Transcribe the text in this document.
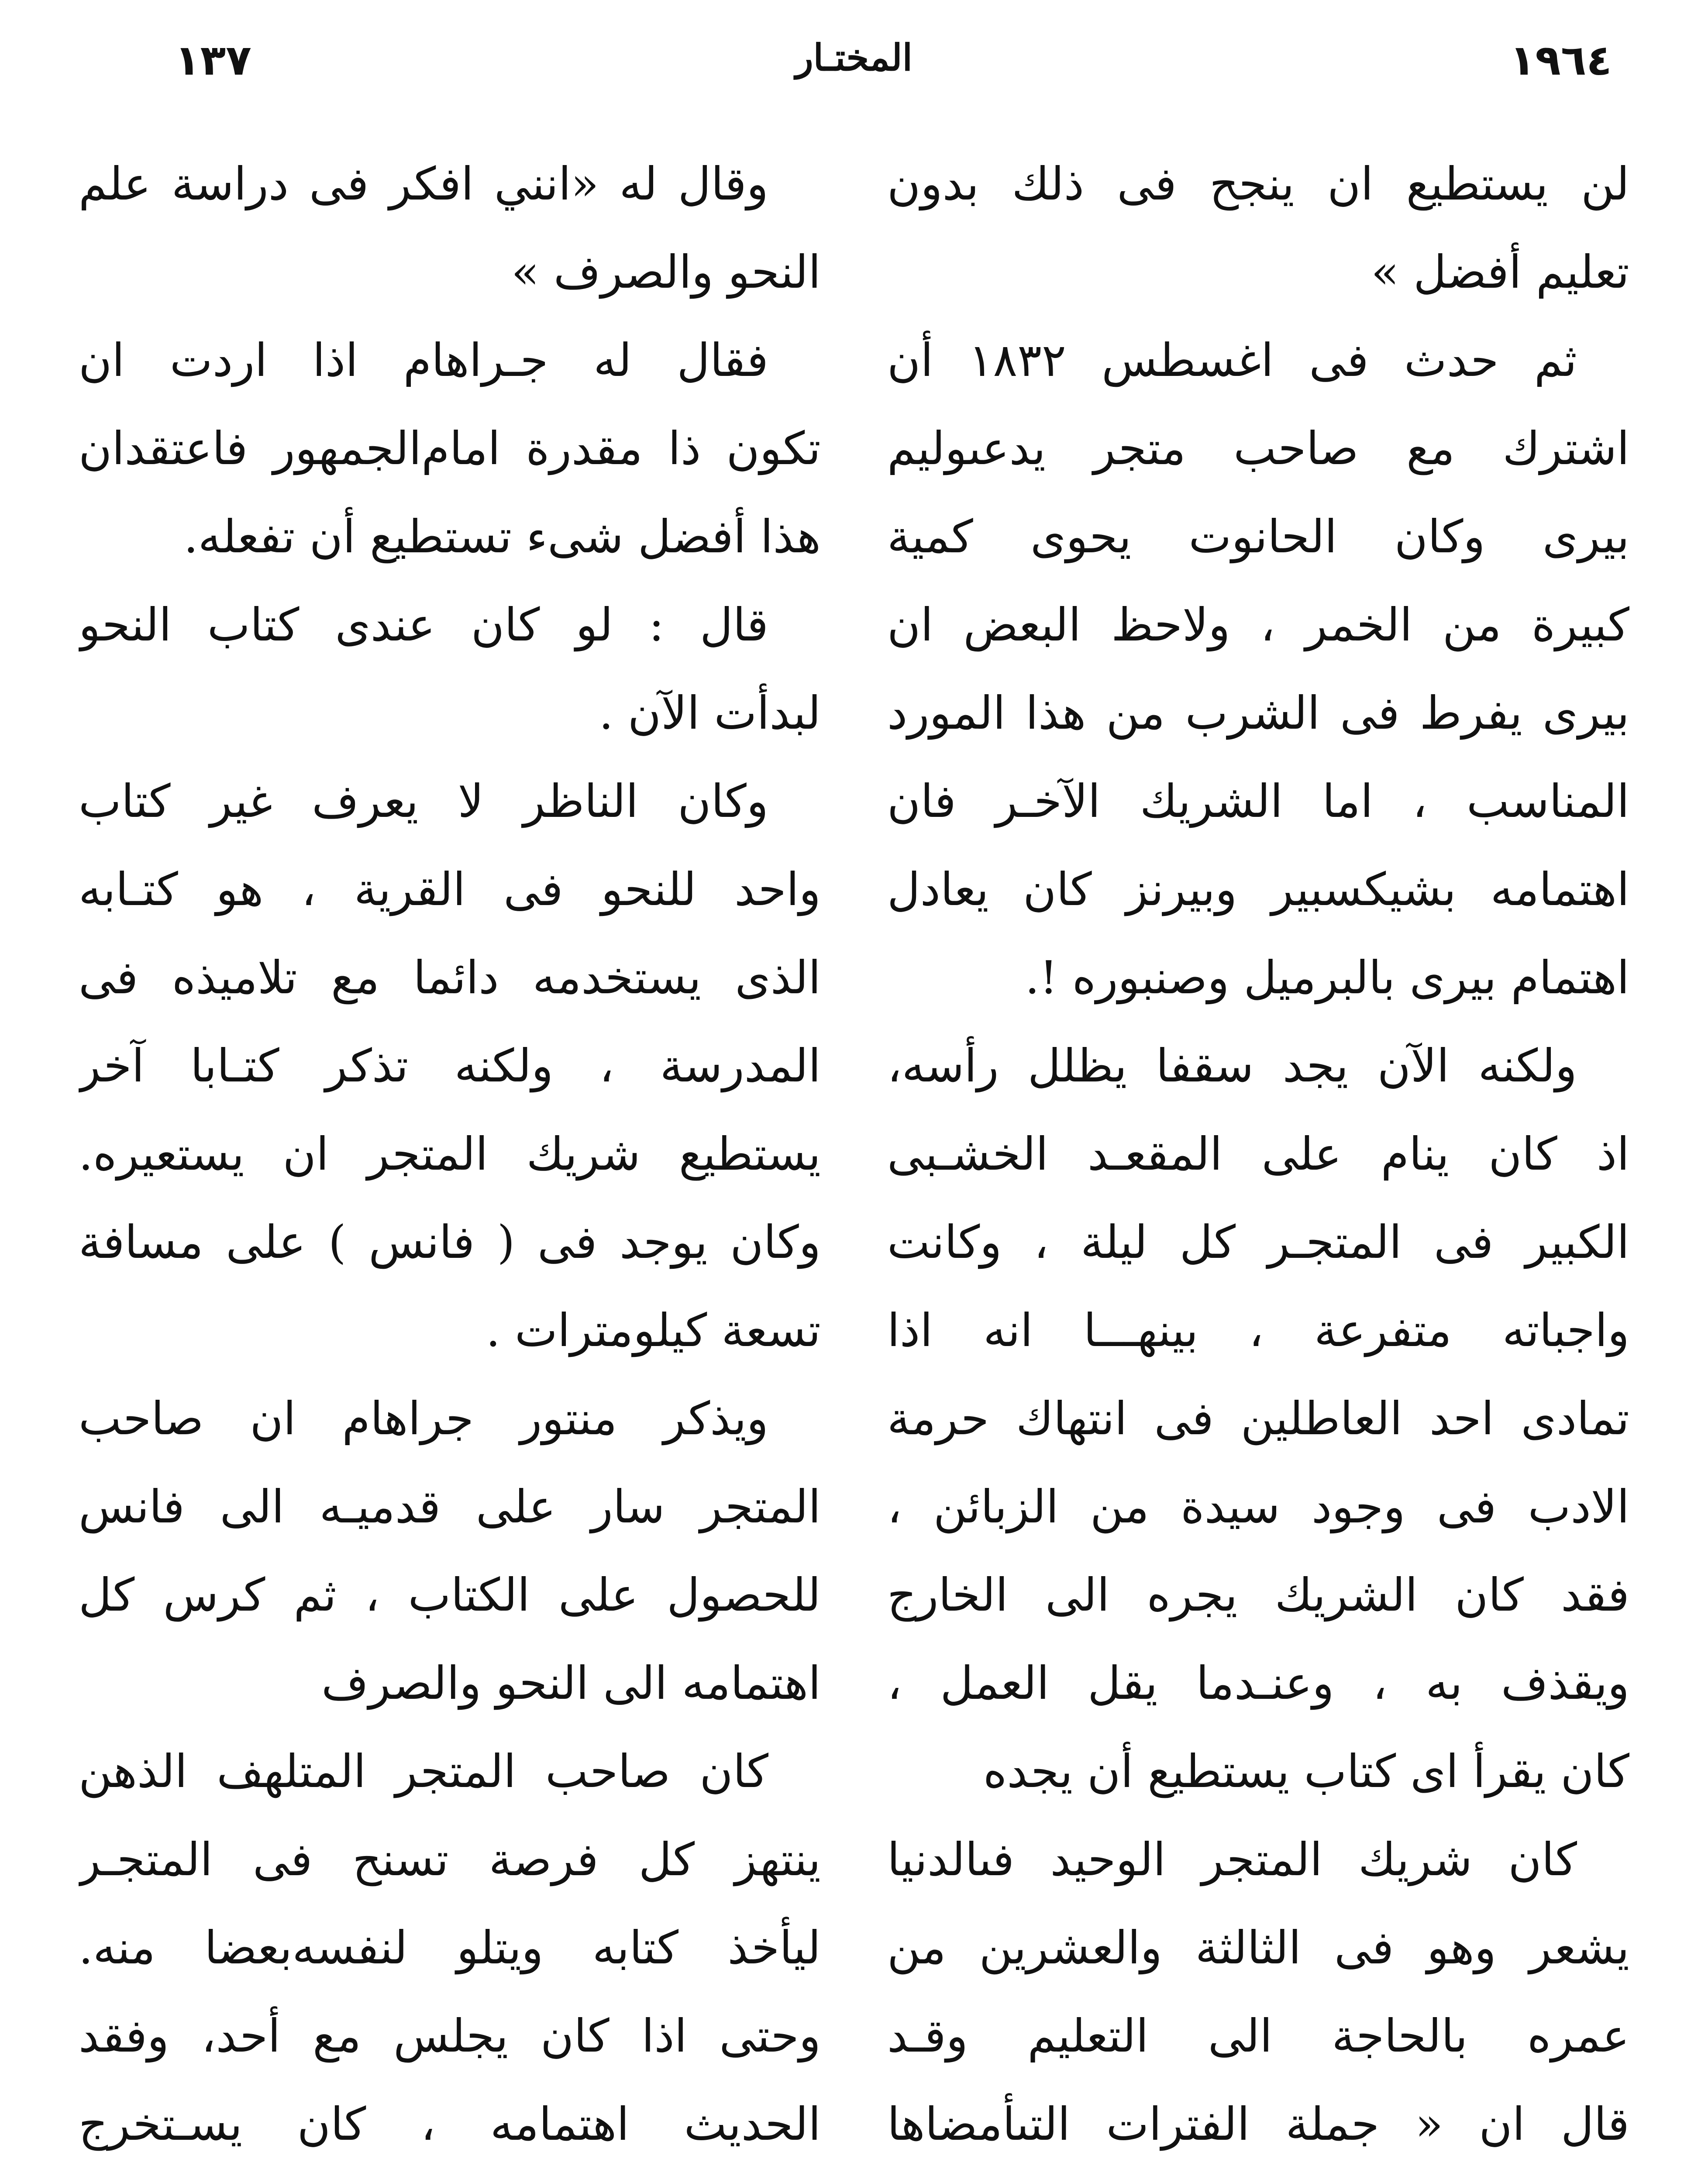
١٣٧	المختـار	١٩٦٤
لن يستطيع ان ينجح فى ذلك بدون
تعليم أفضل »
ثم حدث فى اغسطس ١٨٣٢ أن
اشترك مع صاحب متجر يدعىوليم
بيرى وكان الحانوت يحوى كمية
كبيرة من الخمر ، ولاحظ البعض ان
بيرى يفرط فى الشرب من هذا المورد
المناسب ، اما الشريك الآخـر فان
اهتمامه بشيكسبير وبيرنز كان يعادل
اهتمام بيرى بالبرميل وصنبوره !.
ولكنه الآن يجد سقفا يظلل رأسه،
اذ كان ينام على المقعـد الخشـبى
الكبير فى المتجـر كل ليلة ، وكانت
واجباته متفرعة ، بينهـــا انه اذا
تمادى احد العاطلين فى انتهاك حرمة
الادب فى وجود سيدة من الزبائن ،
فقد كان الشريك يجره الى الخارج
ويقذف به ، وعنـدما يقل العمل ،
كان يقرأ اى كتاب يستطيع أن يجده
كان شريك المتجر الوحيد فىالدنيا
يشعر وهو فى الثالثة والعشرين من
عمره بالحاجة الى التعليم وقـد
قال ان « جملة الفترات التىأمضاها
وقال له «انني افكر فى دراسة علم
النحو والصرف »
فقال له جـراهام اذا اردت ان
تكون ذا مقدرة امام‌الجمهور فاعتقدان
هذا أفضل شىء تستطيع أن تفعله.
قال : لو كان عندى كتاب النحو
لبدأت الآن .
وكان الناظر لا يعرف غير كتاب
واحد للنحو فى القرية ، هو كتـابه
الذى يستخدمه دائما مع تلاميذه فى
المدرسة ، ولكنه تذكر كتـابا آخر
يستطيع شريك المتجر ان يستعيره.
وكان يوجد فى ( فانس ) على مسافة
تسعة كيلومترات .
ويذكر منتور جراهام ان صاحب
المتجر سار على قدميـه الى فانس
للحصول على الكتاب ، ثم كرس كل
اهتمامه الى النحو والصرف
كان صاحب المتجر المتلهف الذهن
ينتهز كل فرصة تسنح فى المتجـر
ليأخذ كتابه ويتلو لنفسه‌بعضا منه.
وحتى اذا كان يجلس مع أحد، وفقد
الحديث اهتمامه ، كان يسـتخرج
